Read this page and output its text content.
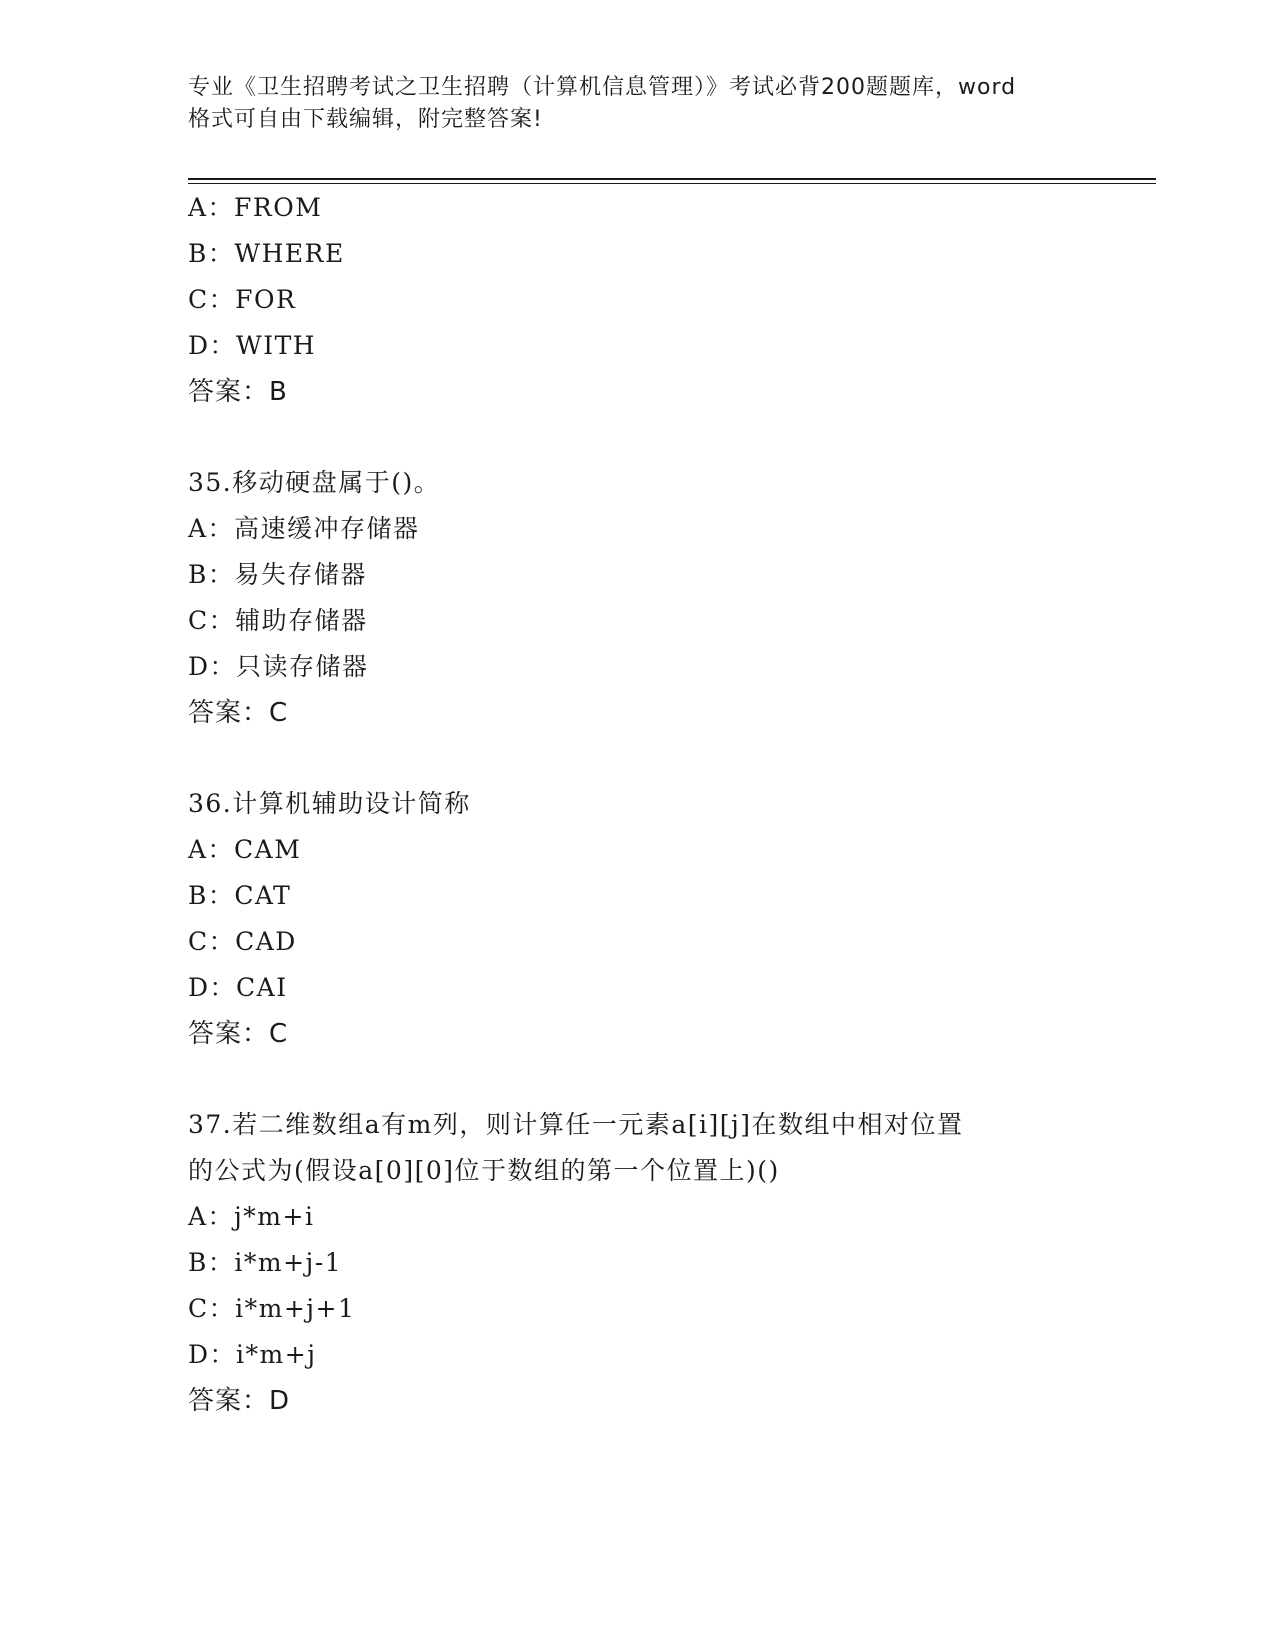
专业《卫生招聘考试之卫生招聘（计算机信息管理）》考试必背200题题库，word
格式可自由下载编辑，附完整答案!
A：FROM
B：WHERE
C：FOR
D：WITH
答案：B
35.移动硬盘属于()。
A：高速缓冲存储器
B：易失存储器
C：辅助存储器
D：只读存储器
答案：C
36.计算机辅助设计简称
A：CAM
B：CAT
C：CAD
D：CAI
答案：C
37.若二维数组a有m列，则计算任一元素a[i][j]在数组中相对位置
的公式为(假设a[0][0]位于数组的第一个位置上)()
A：j*m+i
B：i*m+j-1
C：i*m+j+1
D：i*m+j
答案：D
